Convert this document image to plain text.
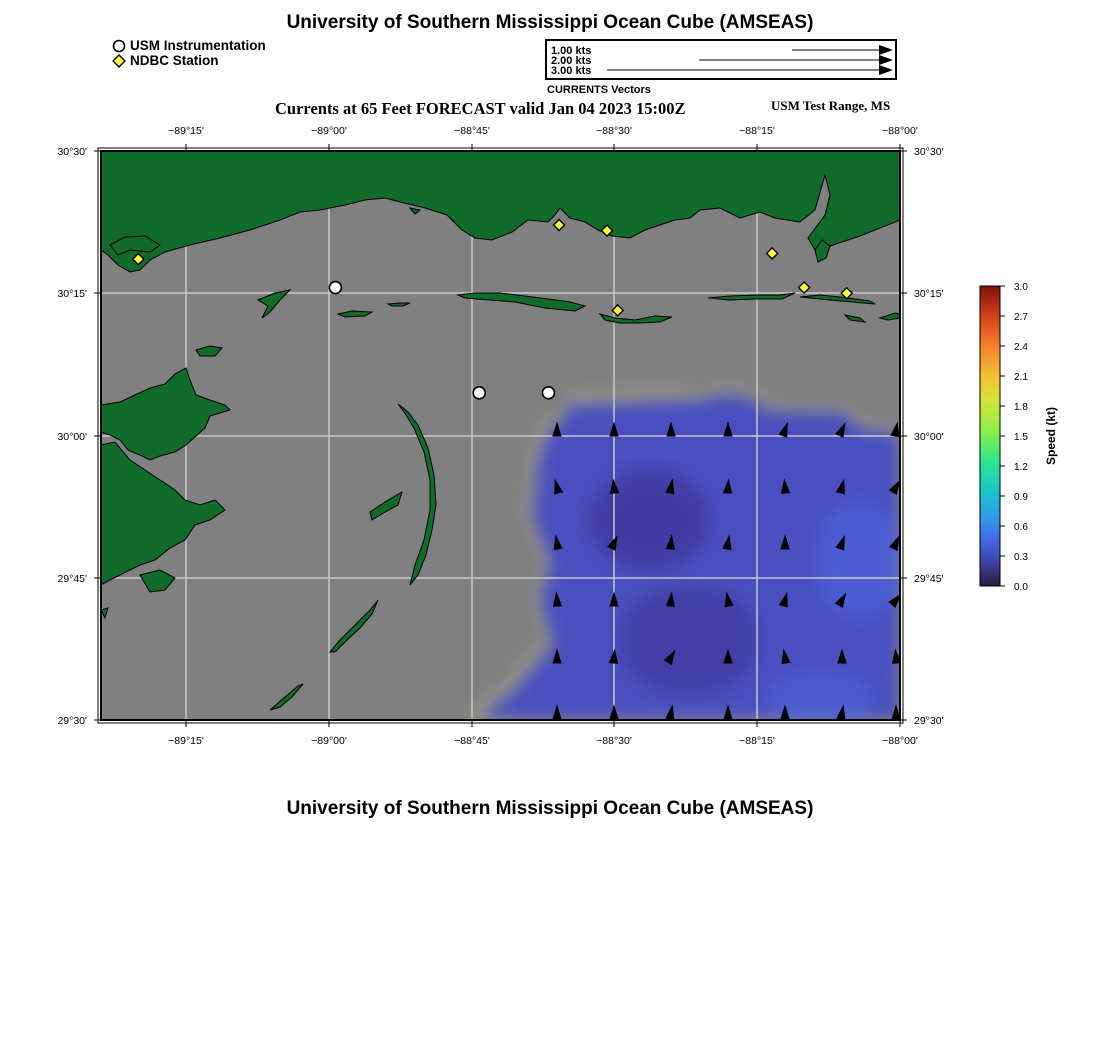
University of Southern Mississippi Ocean Cube (AMSEAS)
USM Instrumentation
NDBC Station
1.00 kts
2.00 kts
3.00 kts
CURRENTS Vectors
Currents at 65 Feet FORECAST valid Jan 04 2023 15:00Z	USM Test Range, MS
−89°15'	−89°00'	−88°45'	−88°30'	−88°15'	−88°00'
−89°15'	−89°00'	−88°45'	−88°30'	−88°15'	−88°00'
30°30'
30°15'
30°00'
29°45'
29°30'
30°30'
30°15'
30°00'
29°45'
29°30'
3.0
2.7
2.4
2.1
1.8
1.5
1.2
0.9
0.6
0.3
0.0
Speed (kt)
University of Southern Mississippi Ocean Cube (AMSEAS)
